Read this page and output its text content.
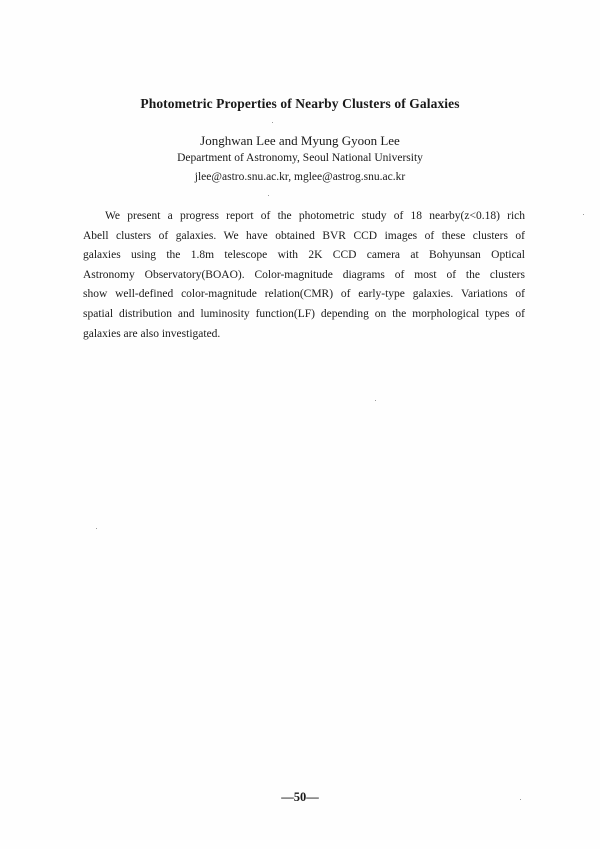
Photometric Properties of Nearby Clusters of Galaxies
Jonghwan Lee and Myung Gyoon Lee
Department of Astronomy, Seoul National University
jlee@astro.snu.ac.kr, mglee@astrog.snu.ac.kr
We present a progress report of the photometric study of 18 nearby(z<0.18) rich
Abell clusters of galaxies. We have obtained BVR CCD images of these clusters of
galaxies using the 1.8m telescope with 2K CCD camera at Bohyunsan Optical
Astronomy Observatory(BOAO). Color-magnitude diagrams of most of the clusters
show well-defined color-magnitude relation(CMR) of early-type galaxies. Variations of
spatial distribution and luminosity function(LF) depending on the morphological types of
galaxies are also investigated.
—50—
